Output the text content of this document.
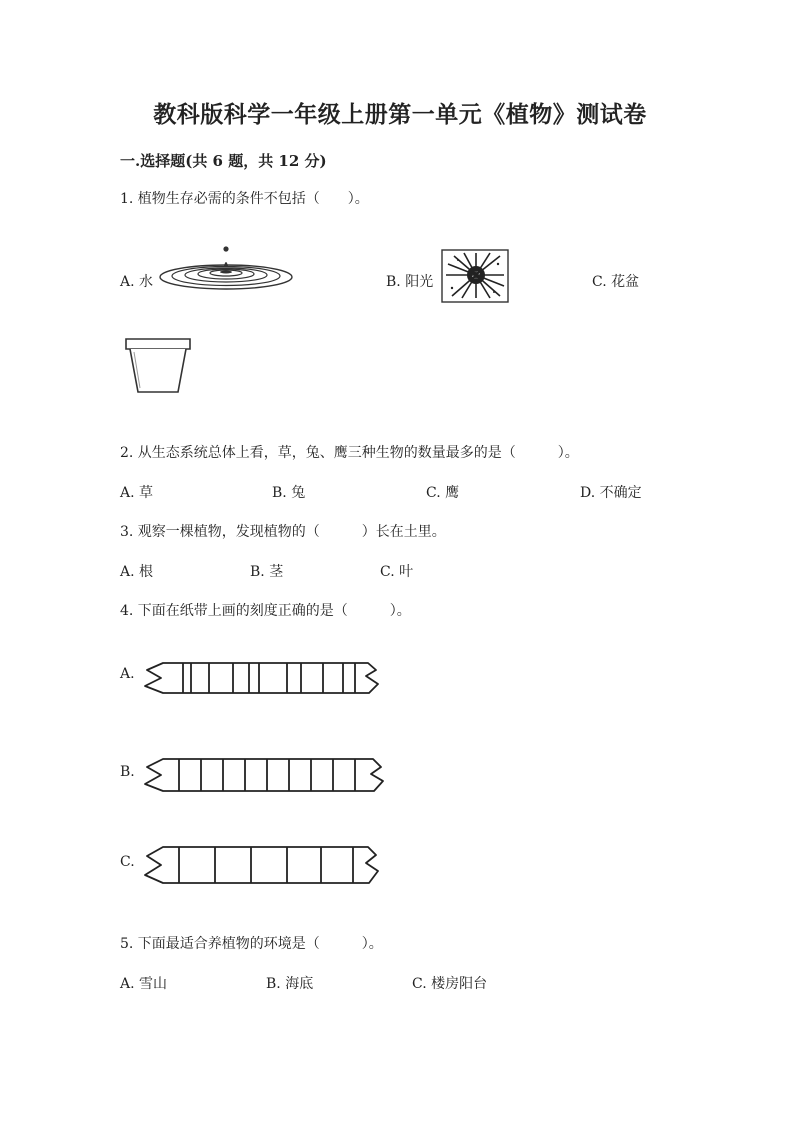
教科版科学一年级上册第一单元《植物》测试卷
一.选择题(共 6 题，共 12 分)
1. 植物生存必需的条件不包括（　　）。
A. 水	B. 阳光	C. 花盆
2. 从生态系统总体上看，草，兔、鹰三种生物的数量最多的是（　　　）。
A. 草	B. 兔	C. 鹰	D. 不确定
3. 观察一棵植物，发现植物的（　　　）长在土里。
A. 根	B. 茎	C. 叶
4. 下面在纸带上画的刻度正确的是（　　　）。
A.
B.
C.
5. 下面最适合养植物的环境是（　　　）。
A. 雪山	B. 海底	C. 楼房阳台
